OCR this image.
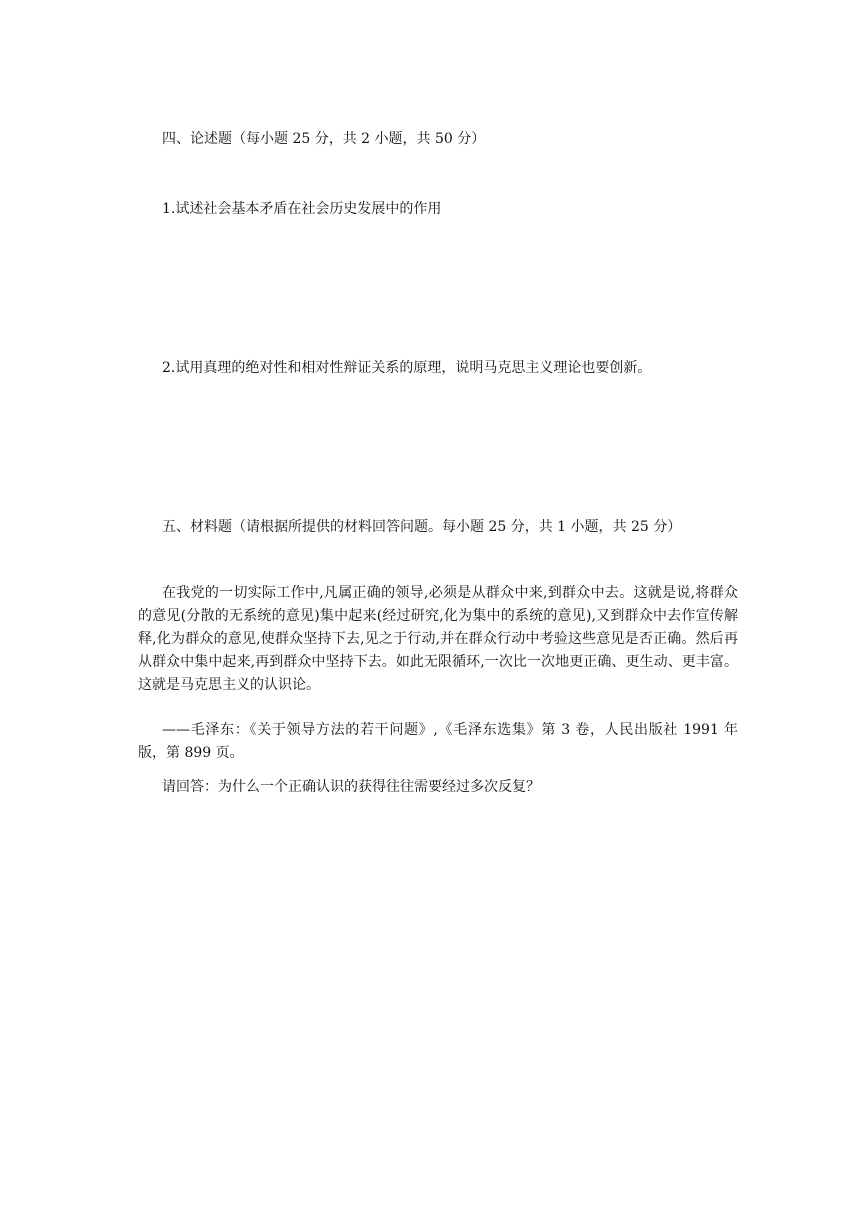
四、论述题（每小题 25 分，共 2 小题，共 50 分）
1.试述社会基本矛盾在社会历史发展中的作用
2.试用真理的绝对性和相对性辩证关系的原理，说明马克思主义理论也要创新。
五、材料题（请根据所提供的材料回答问题。每小题 25 分，共 1 小题，共 25 分）
在我党的一切实际工作中,凡属正确的领导,必须是从群众中来,到群众中去。这就是说,将群众的意见(分散的无系统的意见)集中起来(经过研究,化为集中的系统的意见),又到群众中去作宣传解释,化为群众的意见,使群众坚持下去,见之于行动,并在群众行动中考验这些意见是否正确。然后再从群众中集中起来,再到群众中坚持下去。如此无限循环,一次比一次地更正确、更生动、更丰富。这就是马克思主义的认识论。
——毛泽东：《关于领导方法的若干问题》,《毛泽东选集》第 3 卷，人民出版社 1991 年版，第 899 页。
请回答：为什么一个正确认识的获得往往需要经过多次反复？
